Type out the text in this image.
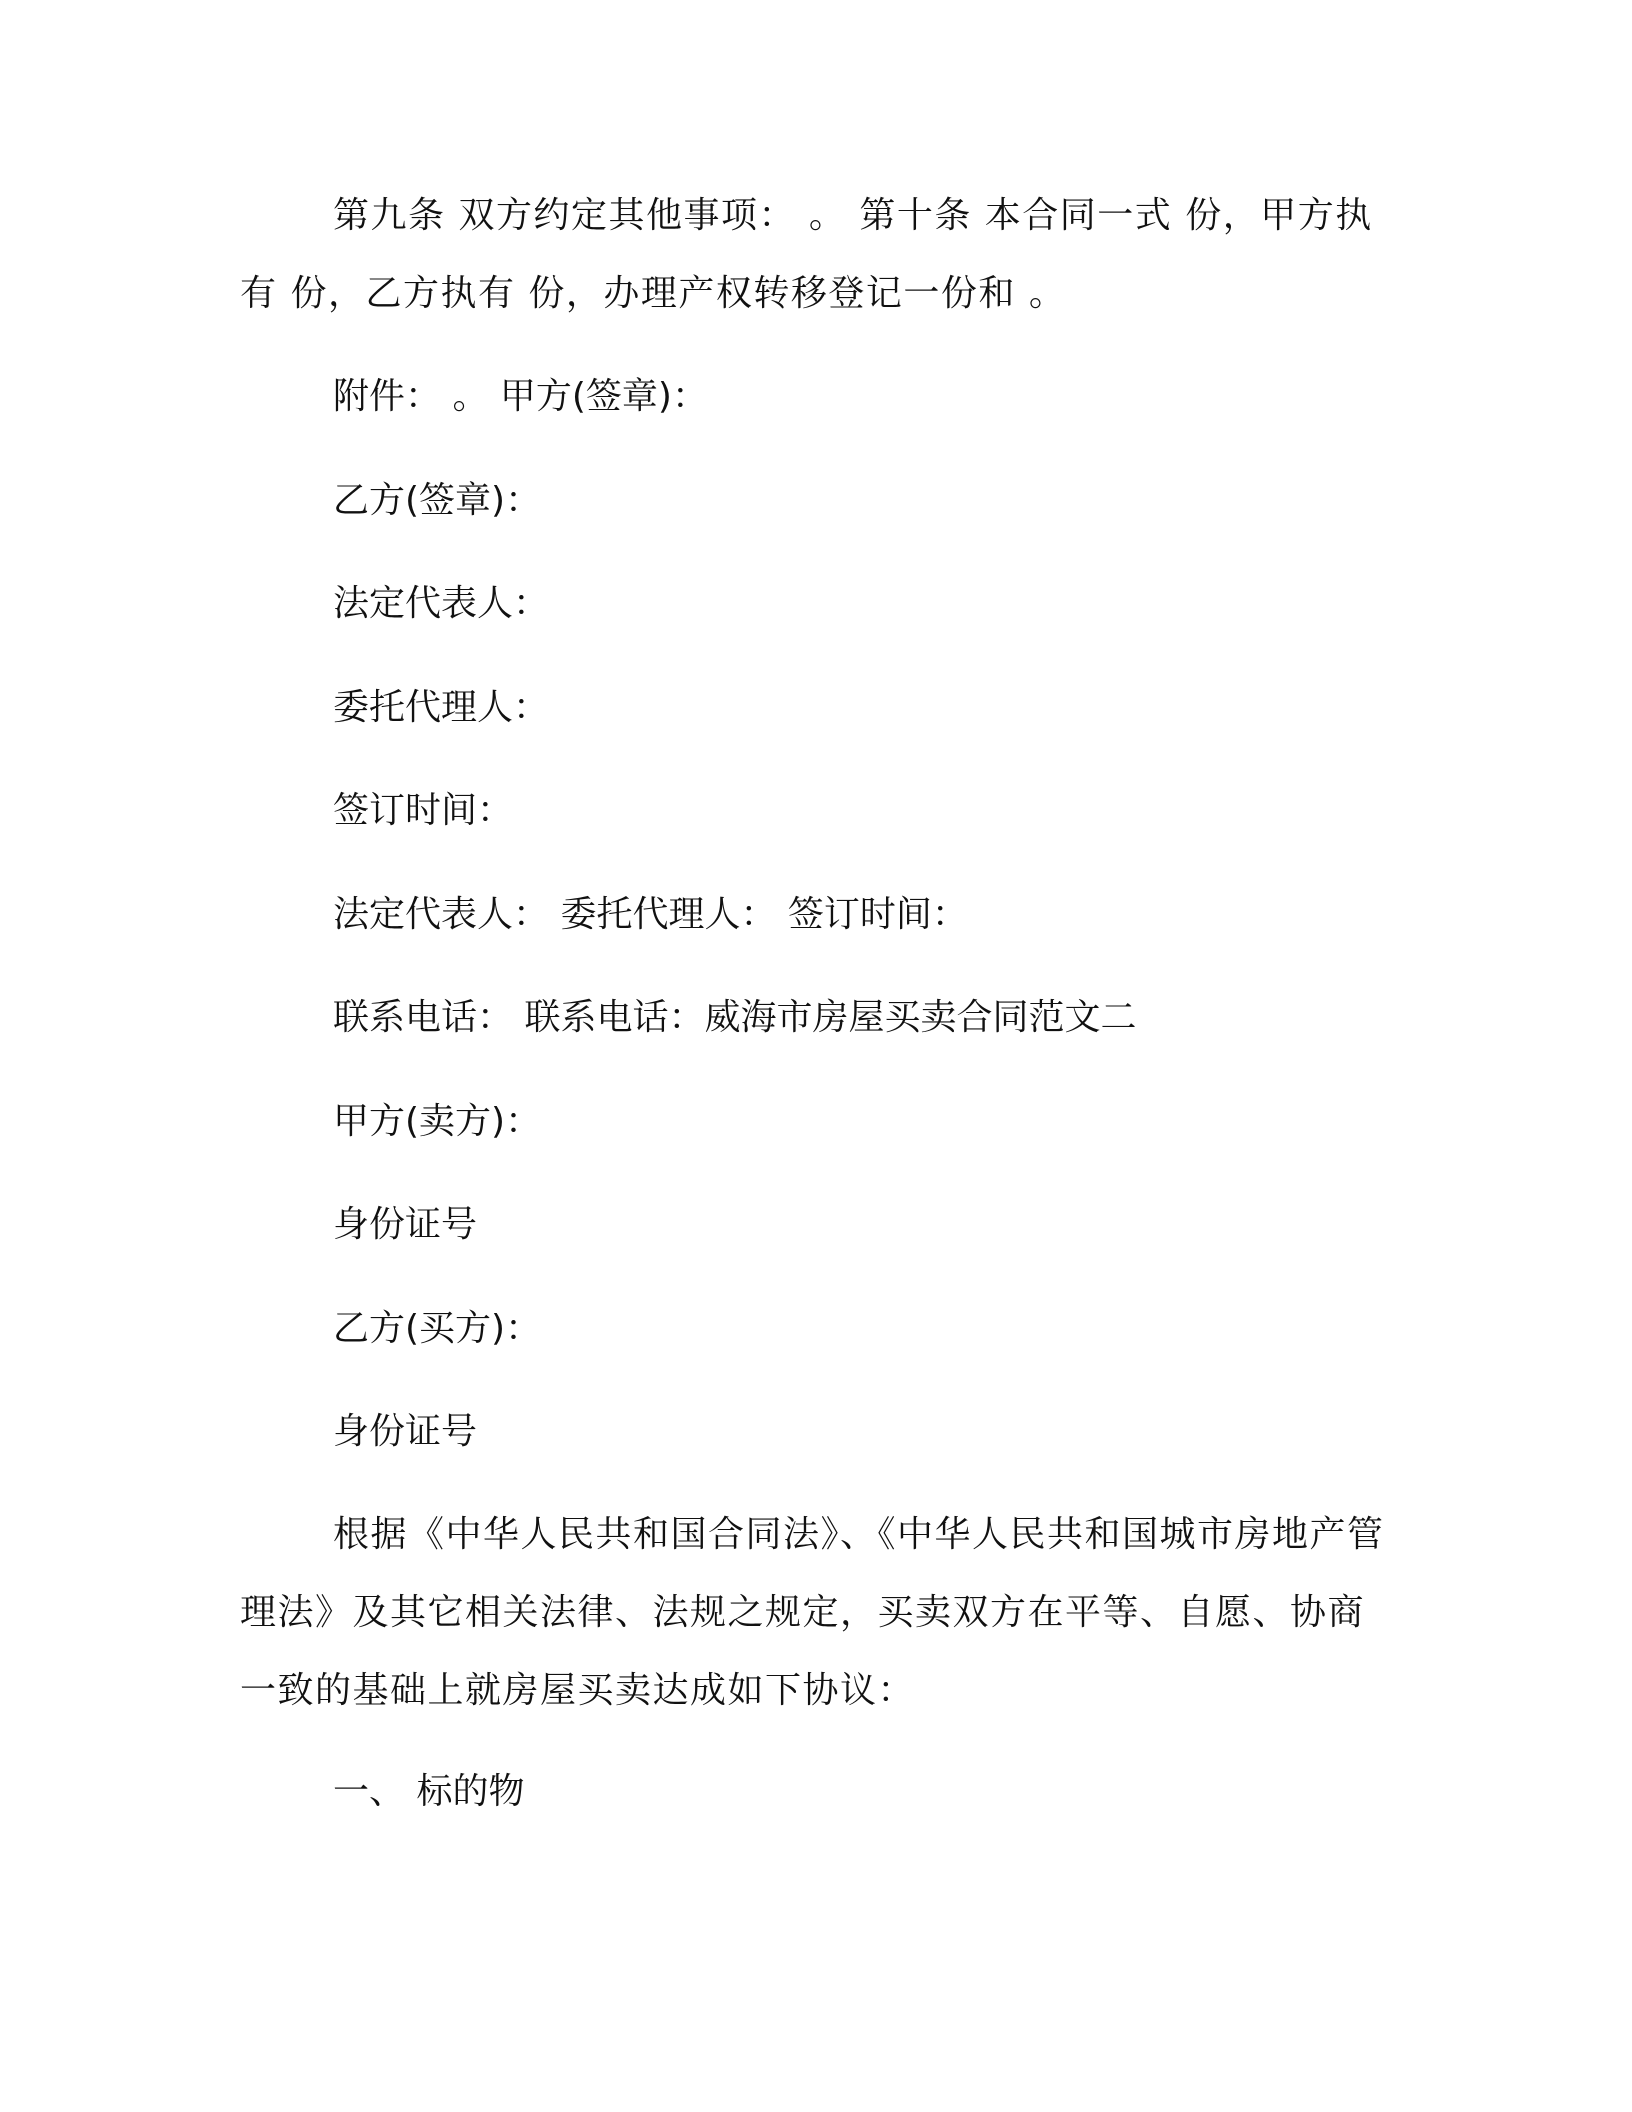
第九条 双方约定其他事项： 。 第十条 本合同一式 份，甲方执有 份，乙方执有 份，办理产权转移登记一份和 。

附件： 。 甲方(签章)：

乙方(签章)：

法定代表人：

委托代理人：

签订时间：

法定代表人： 委托代理人： 签订时间：

联系电话： 联系电话：威海市房屋买卖合同范文二

甲方(卖方)：

身份证号

乙方(买方)：

身份证号

根据《中华人民共和国合同法》、《中华人民共和国城市房地产管理法》及其它相关法律、法规之规定，买卖双方在平等、自愿、协商一致的基础上就房屋买卖达成如下协议：

一、 标的物
